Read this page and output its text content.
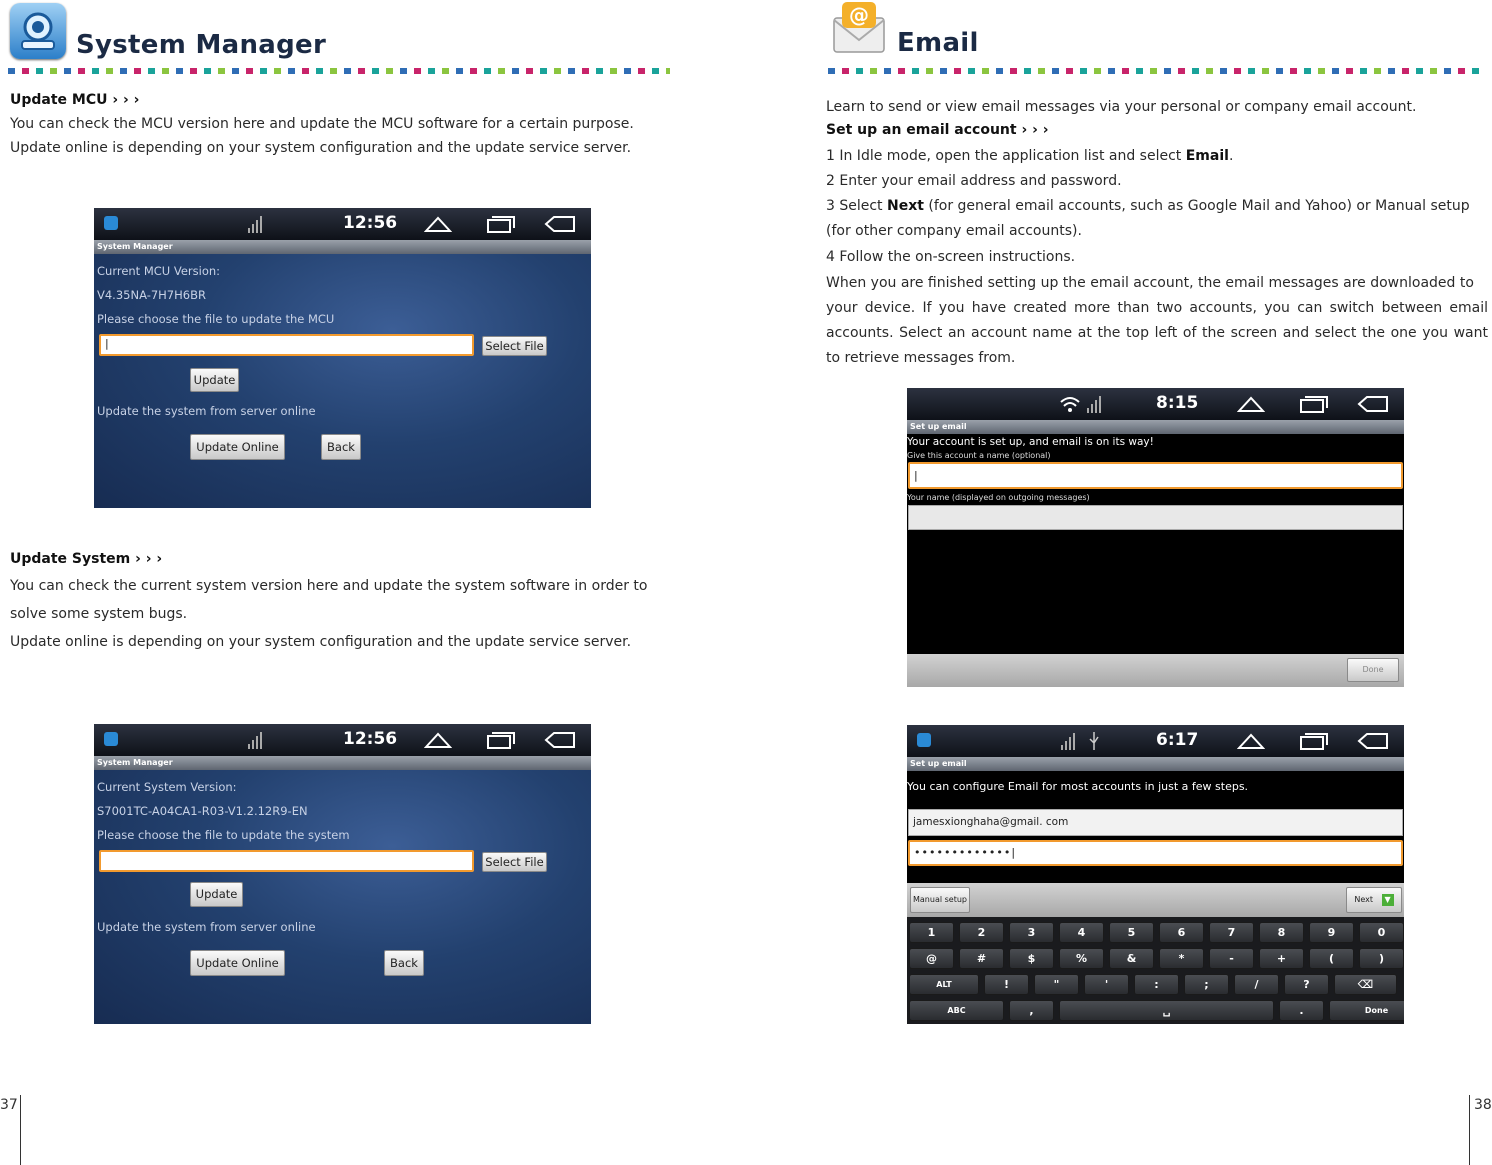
System Manager
Update MCU › › ›
You can check the MCU version here and update the MCU software for a certain purpose.
Update online is depending on your system configuration and the update service server.
12:56
System Manager
Current MCU Version:
V4.35NA-7H7H6BR
Please choose the file to update the MCU
|	Select File
Update
Update the system from server online
Update Online	Back
Update System › › ›
You can check the current system version here and update the system software in order to
solve some system bugs.
Update online is depending on your system configuration and the update service server.
12:56
System Manager
Current System Version:
S7001TC-A04CA1-R03-V1.2.12R9-EN
Please choose the file to update the system
Select File
Update
Update the system from server online
Update Online	Back
37
@
Email
Learn to send or view email messages via your personal or company email account.
Set up an email account › › ›
1 In Idle mode, open the application list and select Email.
2 Enter your email address and password.
3 Select Next (for general email accounts, such as Google Mail and Yahoo) or Manual setup
(for other company email accounts).
4 Follow the on-screen instructions.
When you are finished setting up the email account, the email messages are downloaded to
your device. If you have created more than two accounts, you can switch between email
accounts. Select an account name at the top left of the screen and select the one you want
to retrieve messages from.
8:15
Set up email
Your account is set up, and email is on its way!
Give this account a name (optional)
|
Your name (displayed on outgoing messages)
Done
6:17
Set up email
You can configure Email for most accounts in just a few steps.
jamesxionghaha@gmail. com
•••••••••••••|
Manual setup	Next ▼
1	2	3	4	5	6	7	8	9	0
@	#	$	%	&	*	-	+	(	)
ALT	!	"	'	:	;	/	?	⌫
ABC	,	␣	.	Done
38
